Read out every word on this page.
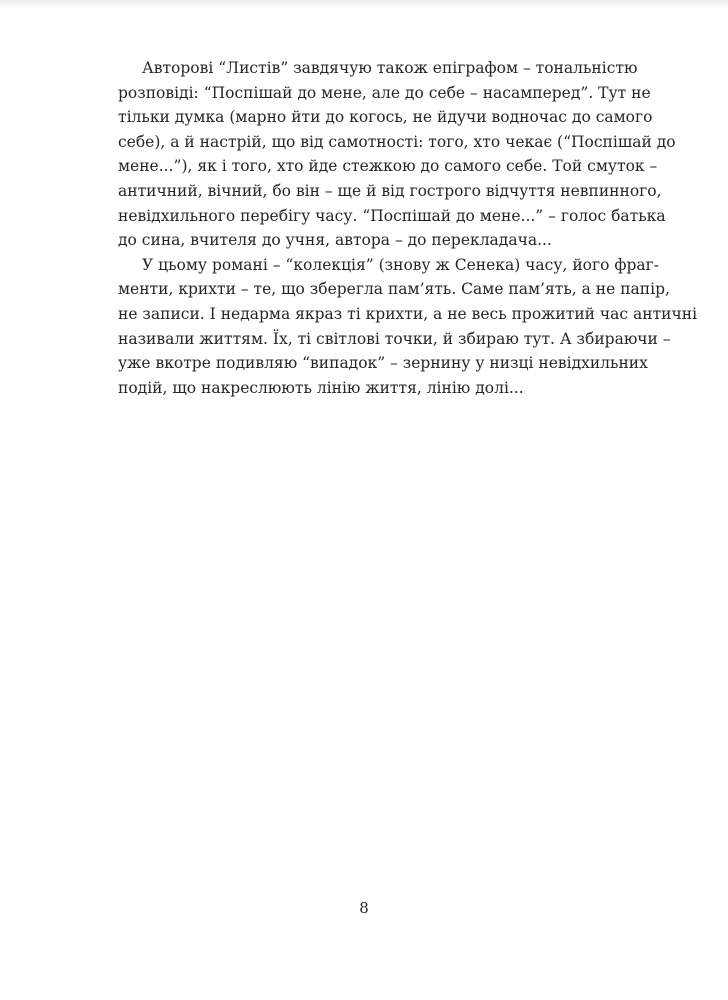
Авторові “Листів” завдячую також епіграфом – тональністю
розповіді: “Поспішай до мене, але до себе – насамперед”. Тут не
тільки думка (марно йти до когось, не йдучи водночас до самого
себе), а й настрій, що від самотності: того, хто чекає (“Поспішай до
мене...”), як і того, хто йде стежкою до самого себе. Той смуток –
античний, вічний, бо він – ще й від гострого відчуття невпинного,
невідхильного перебігу часу. “Поспішай до мене...” – голос батька
до сина, вчителя до учня, автора – до перекладача...
У цьому романі – “колекція” (знову ж Сенека) часу, його фраг-
менти, крихти – те, що зберегла пам’ять. Саме пам’ять, а не папір,
не записи. І недарма якраз ті крихти, а не весь прожитий час античні
називали життям. Їх, ті світлові точки, й збираю тут. А збираючи –
уже вкотре подивляю “випадок” – зернину у низці невідхильних
подій, що накреслюють лінію життя, лінію долі...
8
